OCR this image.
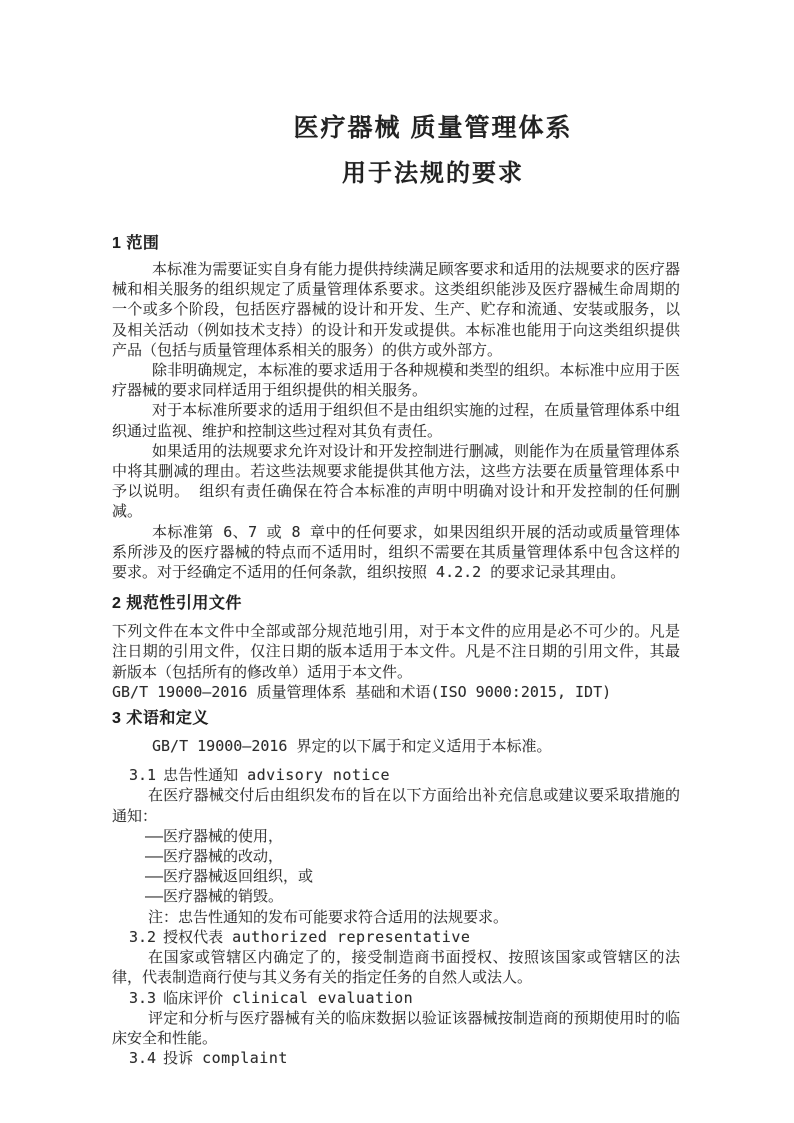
医疗器械 质量管理体系
用于法规的要求
1 范围

本标准为需要证实自身有能力提供持续满足顾客要求和适用的法规要求的医疗器械和相关服务的组织规定了质量管理体系要求。这类组织能涉及医疗器械生命周期的一个或多个阶段，包括医疗器械的设计和开发、生产、贮存和流通、安装或服务，以及相关活动（例如技术支持）的设计和开发或提供。本标准也能用于向这类组织提供产品（包括与质量管理体系相关的服务）的供方或外部方。

除非明确规定，本标准的要求适用于各种规模和类型的组织。本标准中应用于医疗器械的要求同样适用于组织提供的相关服务。

对于本标准所要求的适用于组织但不是由组织实施的过程，在质量管理体系中组织通过监视、维护和控制这些过程对其负有责任。

如果适用的法规要求允许对设计和开发控制进行删减，则能作为在质量管理体系中将其删减的理由。若这些法规要求能提供其他方法，这些方法要在质量管理体系中予以说明。 组织有责任确保在符合本标准的声明中明确对设计和开发控制的任何删减。

本标准第 6、7 或 8 章中的任何要求，如果因组织开展的活动或质量管理体系所涉及的医疗器械的特点而不适用时，组织不需要在其质量管理体系中包含这样的要求。对于经确定不适用的任何条款，组织按照 4.2.2 的要求记录其理由。

2 规范性引用文件

下列文件在本文件中全部或部分规范地引用，对于本文件的应用是必不可少的。凡是注日期的引用文件，仅注日期的版本适用于本文件。凡是不注日期的引用文件，其最新版本（包括所有的修改单）适用于本文件。

GB/T 19000—2016 质量管理体系 基础和术语(ISO 9000:2015, IDT)

3 术语和定义

GB/T 19000—2016 界定的以下属于和定义适用于本标准。

3.1 忠告性通知 advisory notice

在医疗器械交付后由组织发布的旨在以下方面给出补充信息或建议要采取措施的通知：

——医疗器械的使用，

——医疗器械的改动，

——医疗器械返回组织，或

——医疗器械的销毁。

注：忠告性通知的发布可能要求符合适用的法规要求。

3.2 授权代表 authorized representative

在国家或管辖区内确定了的，接受制造商书面授权、按照该国家或管辖区的法律，代表制造商行使与其义务有关的指定任务的自然人或法人。

3.3 临床评价 clinical evaluation

评定和分析与医疗器械有关的临床数据以验证该器械按制造商的预期使用时的临床安全和性能。

3.4 投诉 complaint
